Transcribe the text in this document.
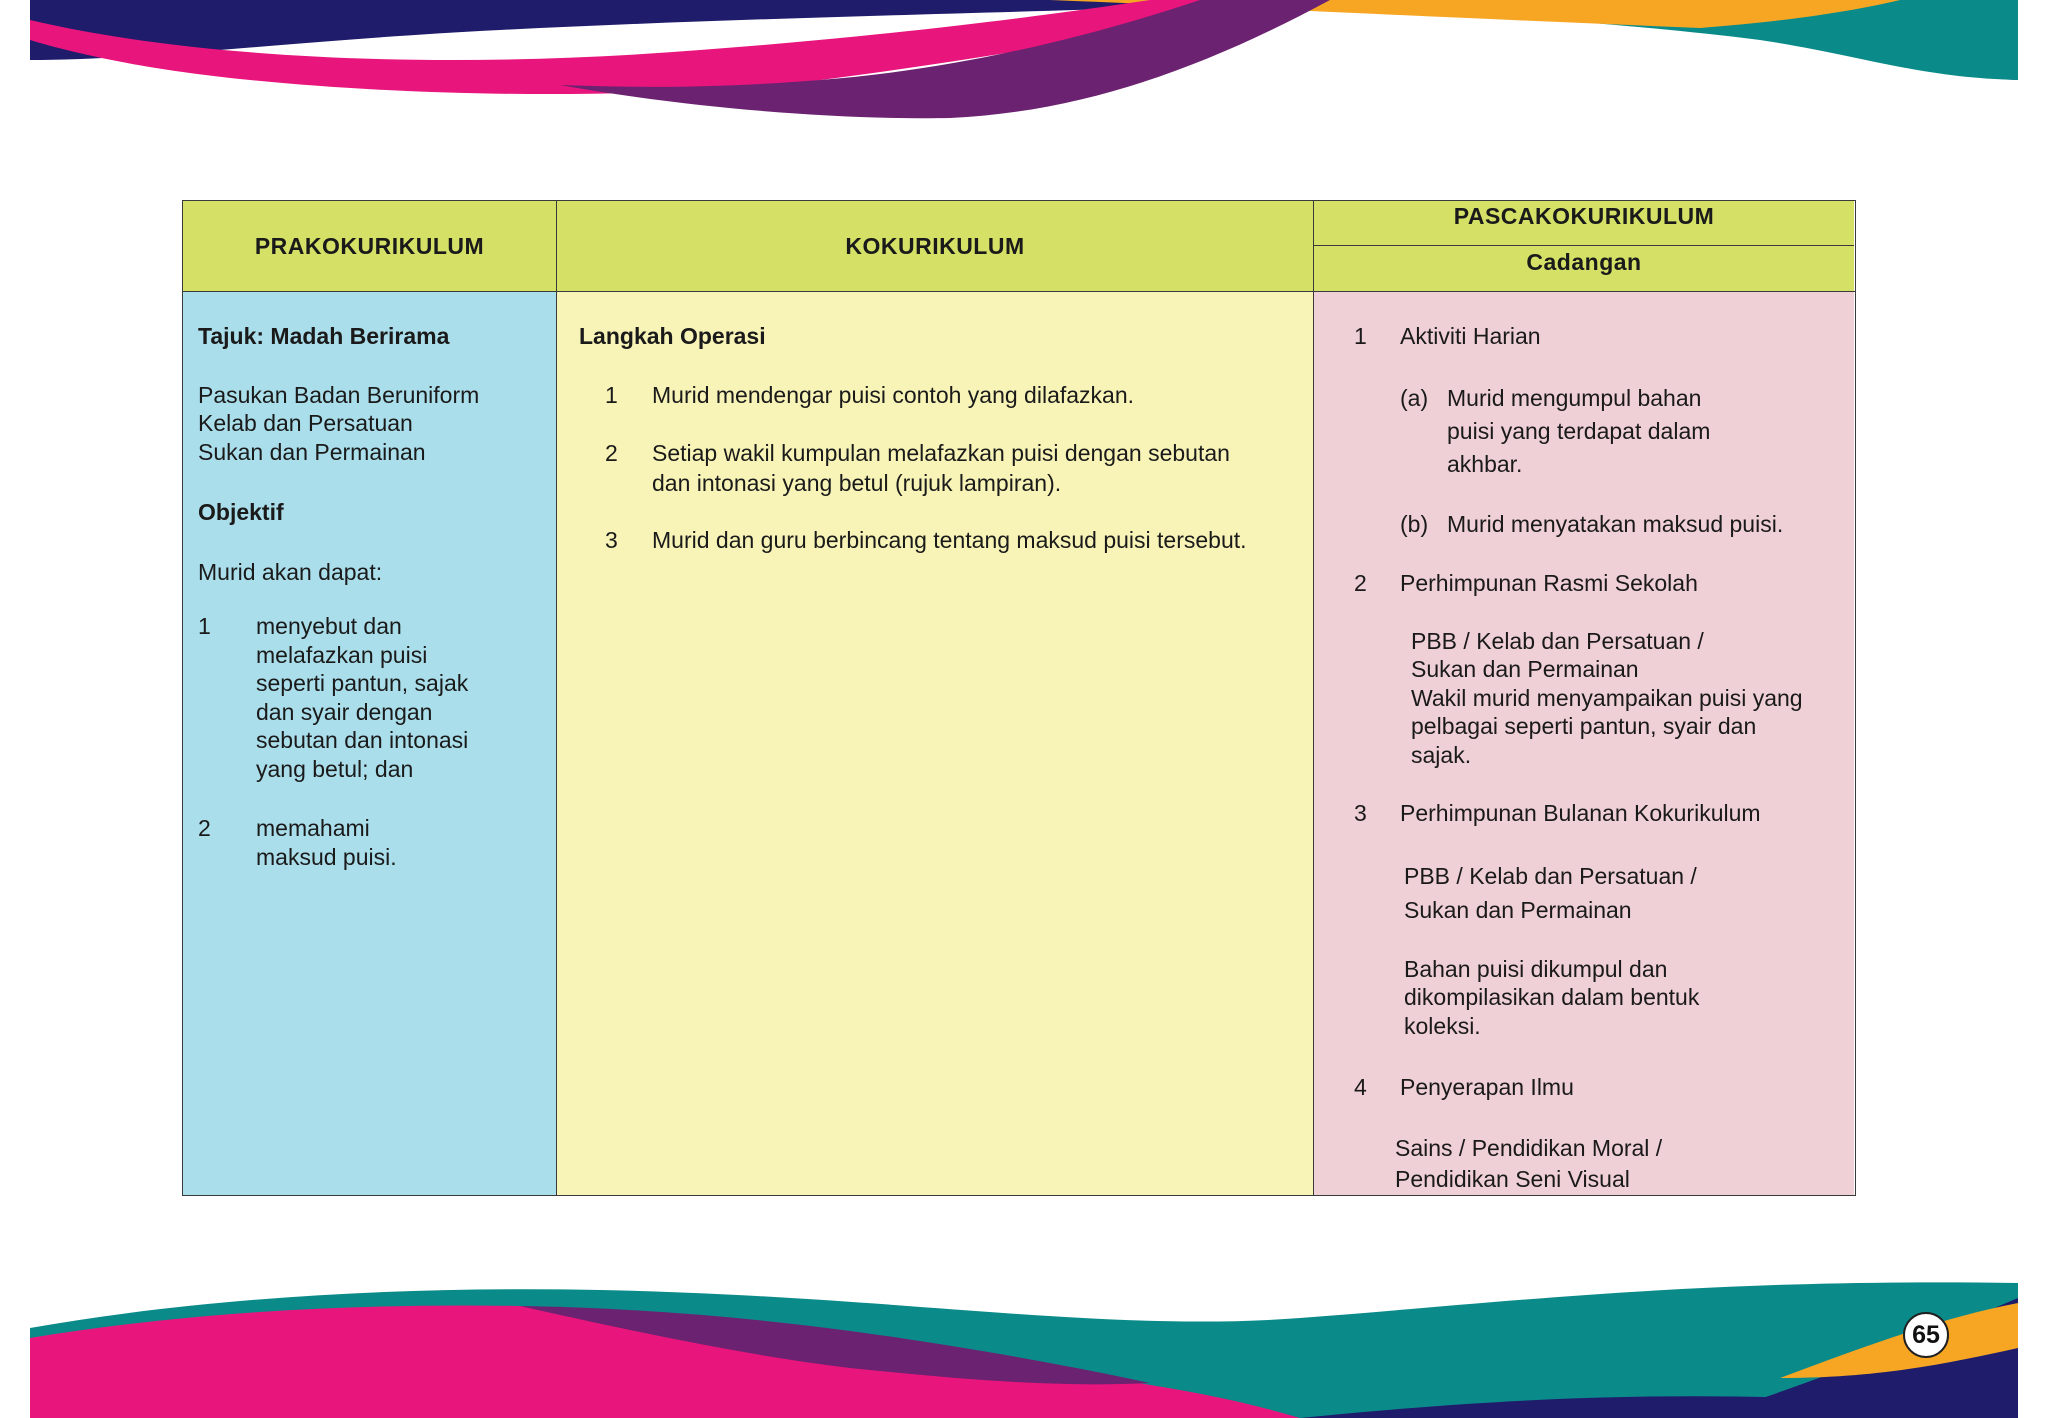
PRAKOKURIKULUM	KOKURIKULUM
PASCAKOKURIKULUM
Cadangan
Tajuk: Madah Berirama
Pasukan Badan Beruniform
Kelab dan Persatuan
Sukan dan Permainan
Objektif
Murid akan dapat:
1 menyebut dan
melafazkan puisi
seperti pantun, sajak
dan syair dengan
sebutan dan intonasi
yang betul; dan
2 memahami
maksud puisi.
Langkah Operasi
1 Murid mendengar puisi contoh yang dilafazkan.
2 Setiap wakil kumpulan melafazkan puisi dengan sebutan
dan intonasi yang betul (rujuk lampiran).
3 Murid dan guru berbincang tentang maksud puisi tersebut.
1 Aktiviti Harian
(a) Murid mengumpul bahan
puisi yang terdapat dalam
akhbar.
(b) Murid menyatakan maksud puisi.
2 Perhimpunan Rasmi Sekolah
PBB / Kelab dan Persatuan /
Sukan dan Permainan
Wakil murid menyampaikan puisi yang
pelbagai seperti pantun, syair dan
sajak.
3 Perhimpunan Bulanan Kokurikulum
PBB / Kelab dan Persatuan /
Sukan dan Permainan
Bahan puisi dikumpul dan
dikompilasikan dalam bentuk
koleksi.
4 Penyerapan Ilmu
Sains / Pendidikan Moral /
Pendidikan Seni Visual
65
